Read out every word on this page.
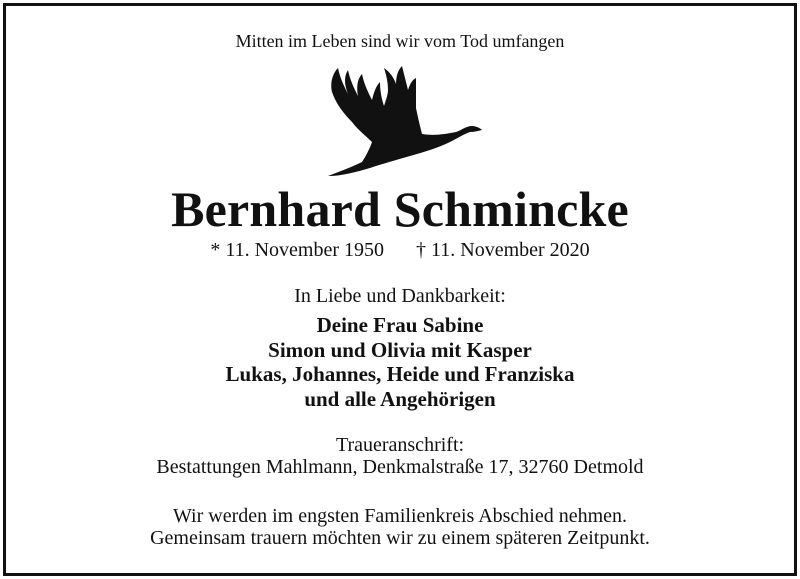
Mitten im Leben sind wir vom Tod umfangen
Bernhard Schmincke
* 11. November 1950 † 11. November 2020
In Liebe und Dankbarkeit:
Deine Frau Sabine
Simon und Olivia mit Kasper
Lukas, Johannes, Heide und Franziska
und alle Angehörigen
Traueranschrift:
Bestattungen Mahlmann, Denkmalstraße 17, 32760 Detmold
Wir werden im engsten Familienkreis Abschied nehmen.
Gemeinsam trauern möchten wir zu einem späteren Zeitpunkt.
